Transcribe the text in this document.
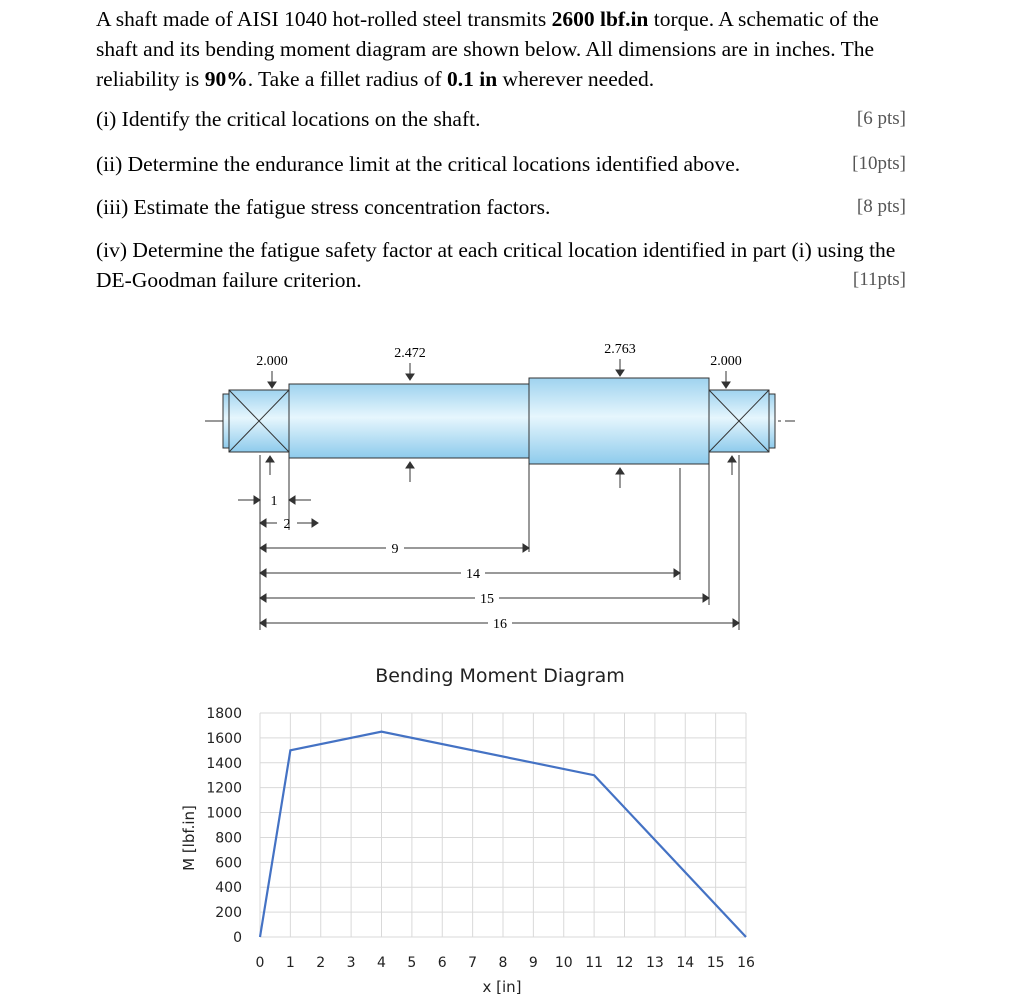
A shaft made of AISI 1040 hot-rolled steel transmits 2600 lbf.in torque. A schematic of the shaft and its bending moment diagram are shown below. All dimensions are in inches. The reliability is 90%. Take a fillet radius of 0.1 in wherever needed.

(i) Identify the critical locations on the shaft.	[6 pts]
(ii) Determine the endurance limit at the critical locations identified above.	[10pts]
(iii) Estimate the fatigue stress concentration factors.	[8 pts]
(iv) Determine the fatigue safety factor at each critical location identified in part (i) using the DE-Goodman failure criterion.	[11pts]
2.000
2.472	2.763
2.000
1
2
9
14
15
16
Bending Moment Diagram
0
200
400
600
800
1000
1200
1400
1600
1800
0 1 2 3 4 5 6 7 8 9 10 11 12 13 14 15 16
x [in]
M [lbf.in]
